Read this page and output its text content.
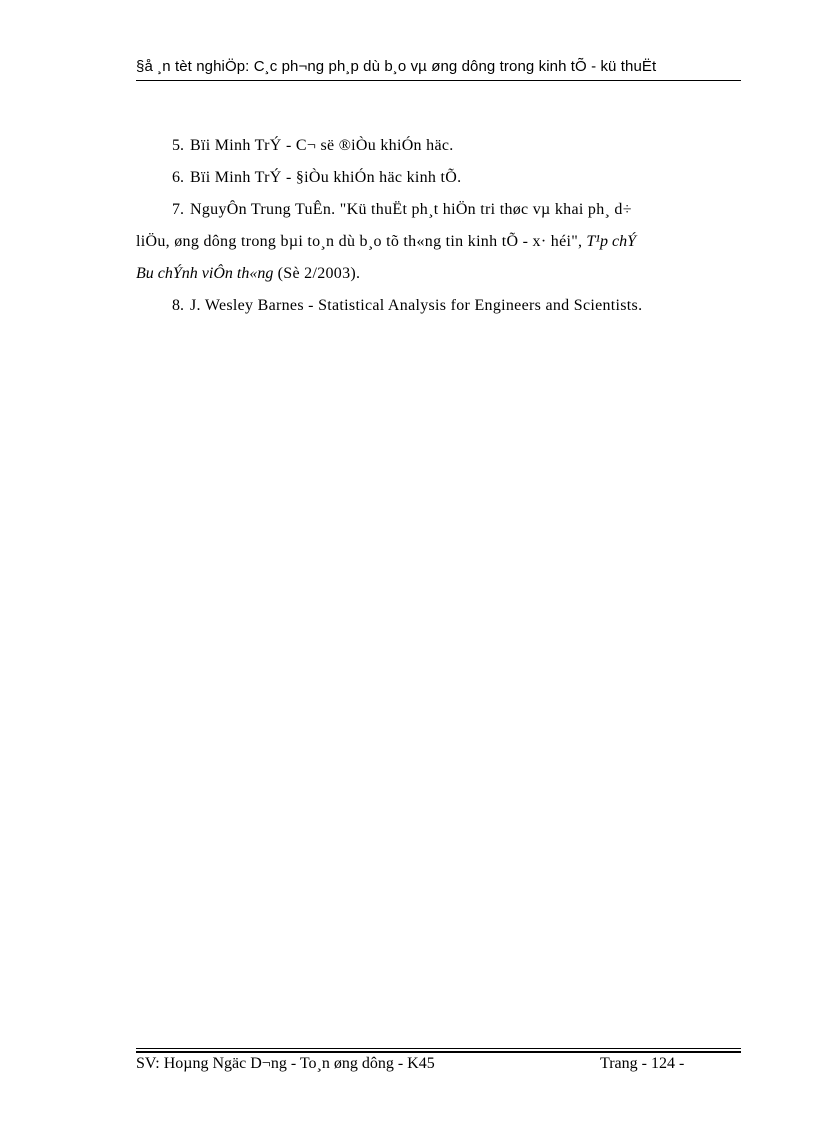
§å ¸n tèt nghiÖp: C¸c ph¬ng ph¸p dù b¸o vµ øng dông trong kinh tÕ - kü thuËt

5. Bïi Minh TrÝ - C¬ së ®iÒu khiÓn häc.

6. Bïi Minh TrÝ - §iÒu khiÓn häc kinh tÕ.

7. NguyÔn Trung TuÊn. "Kü thuËt ph¸t hiÖn tri thøc vµ khai ph¸ d÷
liÖu, øng dông trong bµi to¸n dù b¸o tõ th«ng tin kinh tÕ - x· héi", T¹p chÝ
Bu chÝnh viÔn th«ng (Sè 2/2003).

8. J. Wesley Barnes - Statistical Analysis for Engineers and Scientists.

SV: Hoµng Ngäc D¬ng - To¸n øng dông - K45	Trang - 124 -
